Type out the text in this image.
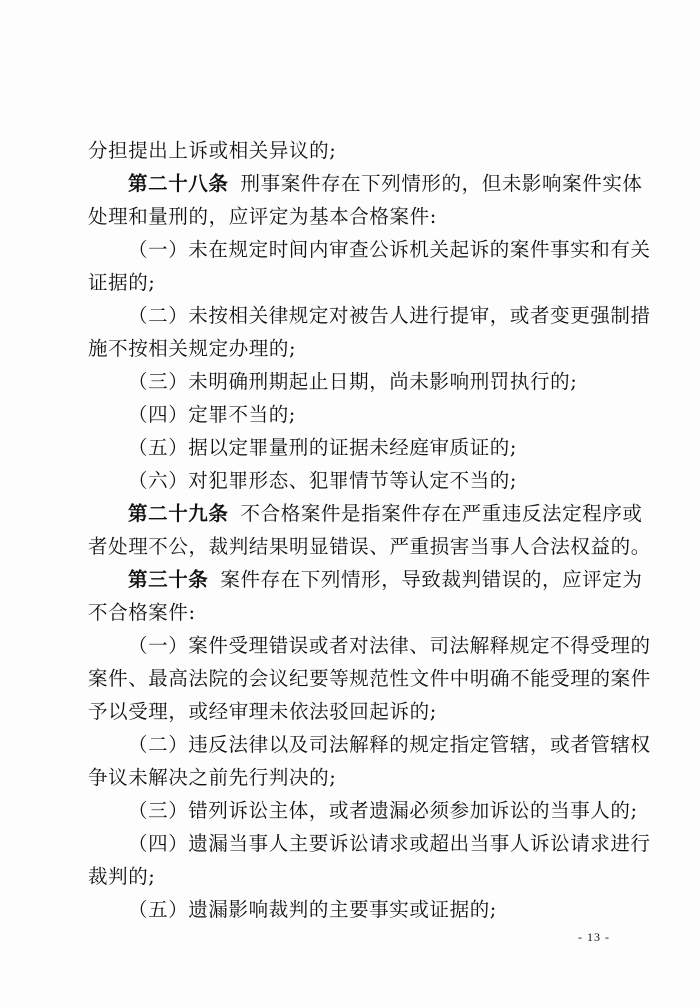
分担提出上诉或相关异议的;
第二十八条 刑事案件存在下列情形的，但未影响案件实体
处理和量刑的，应评定为基本合格案件:
（一）未在规定时间内审查公诉机关起诉的案件事实和有关
证据的;
（二）未按相关律规定对被告人进行提审，或者变更强制措
施不按相关规定办理的;
（三）未明确刑期起止日期，尚未影响刑罚执行的;
（四）定罪不当的;
（五）据以定罪量刑的证据未经庭审质证的;
（六）对犯罪形态、犯罪情节等认定不当的;
第二十九条 不合格案件是指案件存在严重违反法定程序或
者处理不公，裁判结果明显错误、严重损害当事人合法权益的。
第三十条 案件存在下列情形，导致裁判错误的，应评定为
不合格案件:
（一）案件受理错误或者对法律、司法解释规定不得受理的
案件、最高法院的会议纪要等规范性文件中明确不能受理的案件
予以受理，或经审理未依法驳回起诉的;
（二）违反法律以及司法解释的规定指定管辖，或者管辖权
争议未解决之前先行判决的;
（三）错列诉讼主体，或者遗漏必须参加诉讼的当事人的;
（四）遗漏当事人主要诉讼请求或超出当事人诉讼请求进行
裁判的;
（五）遗漏影响裁判的主要事实或证据的;
- 13 -
